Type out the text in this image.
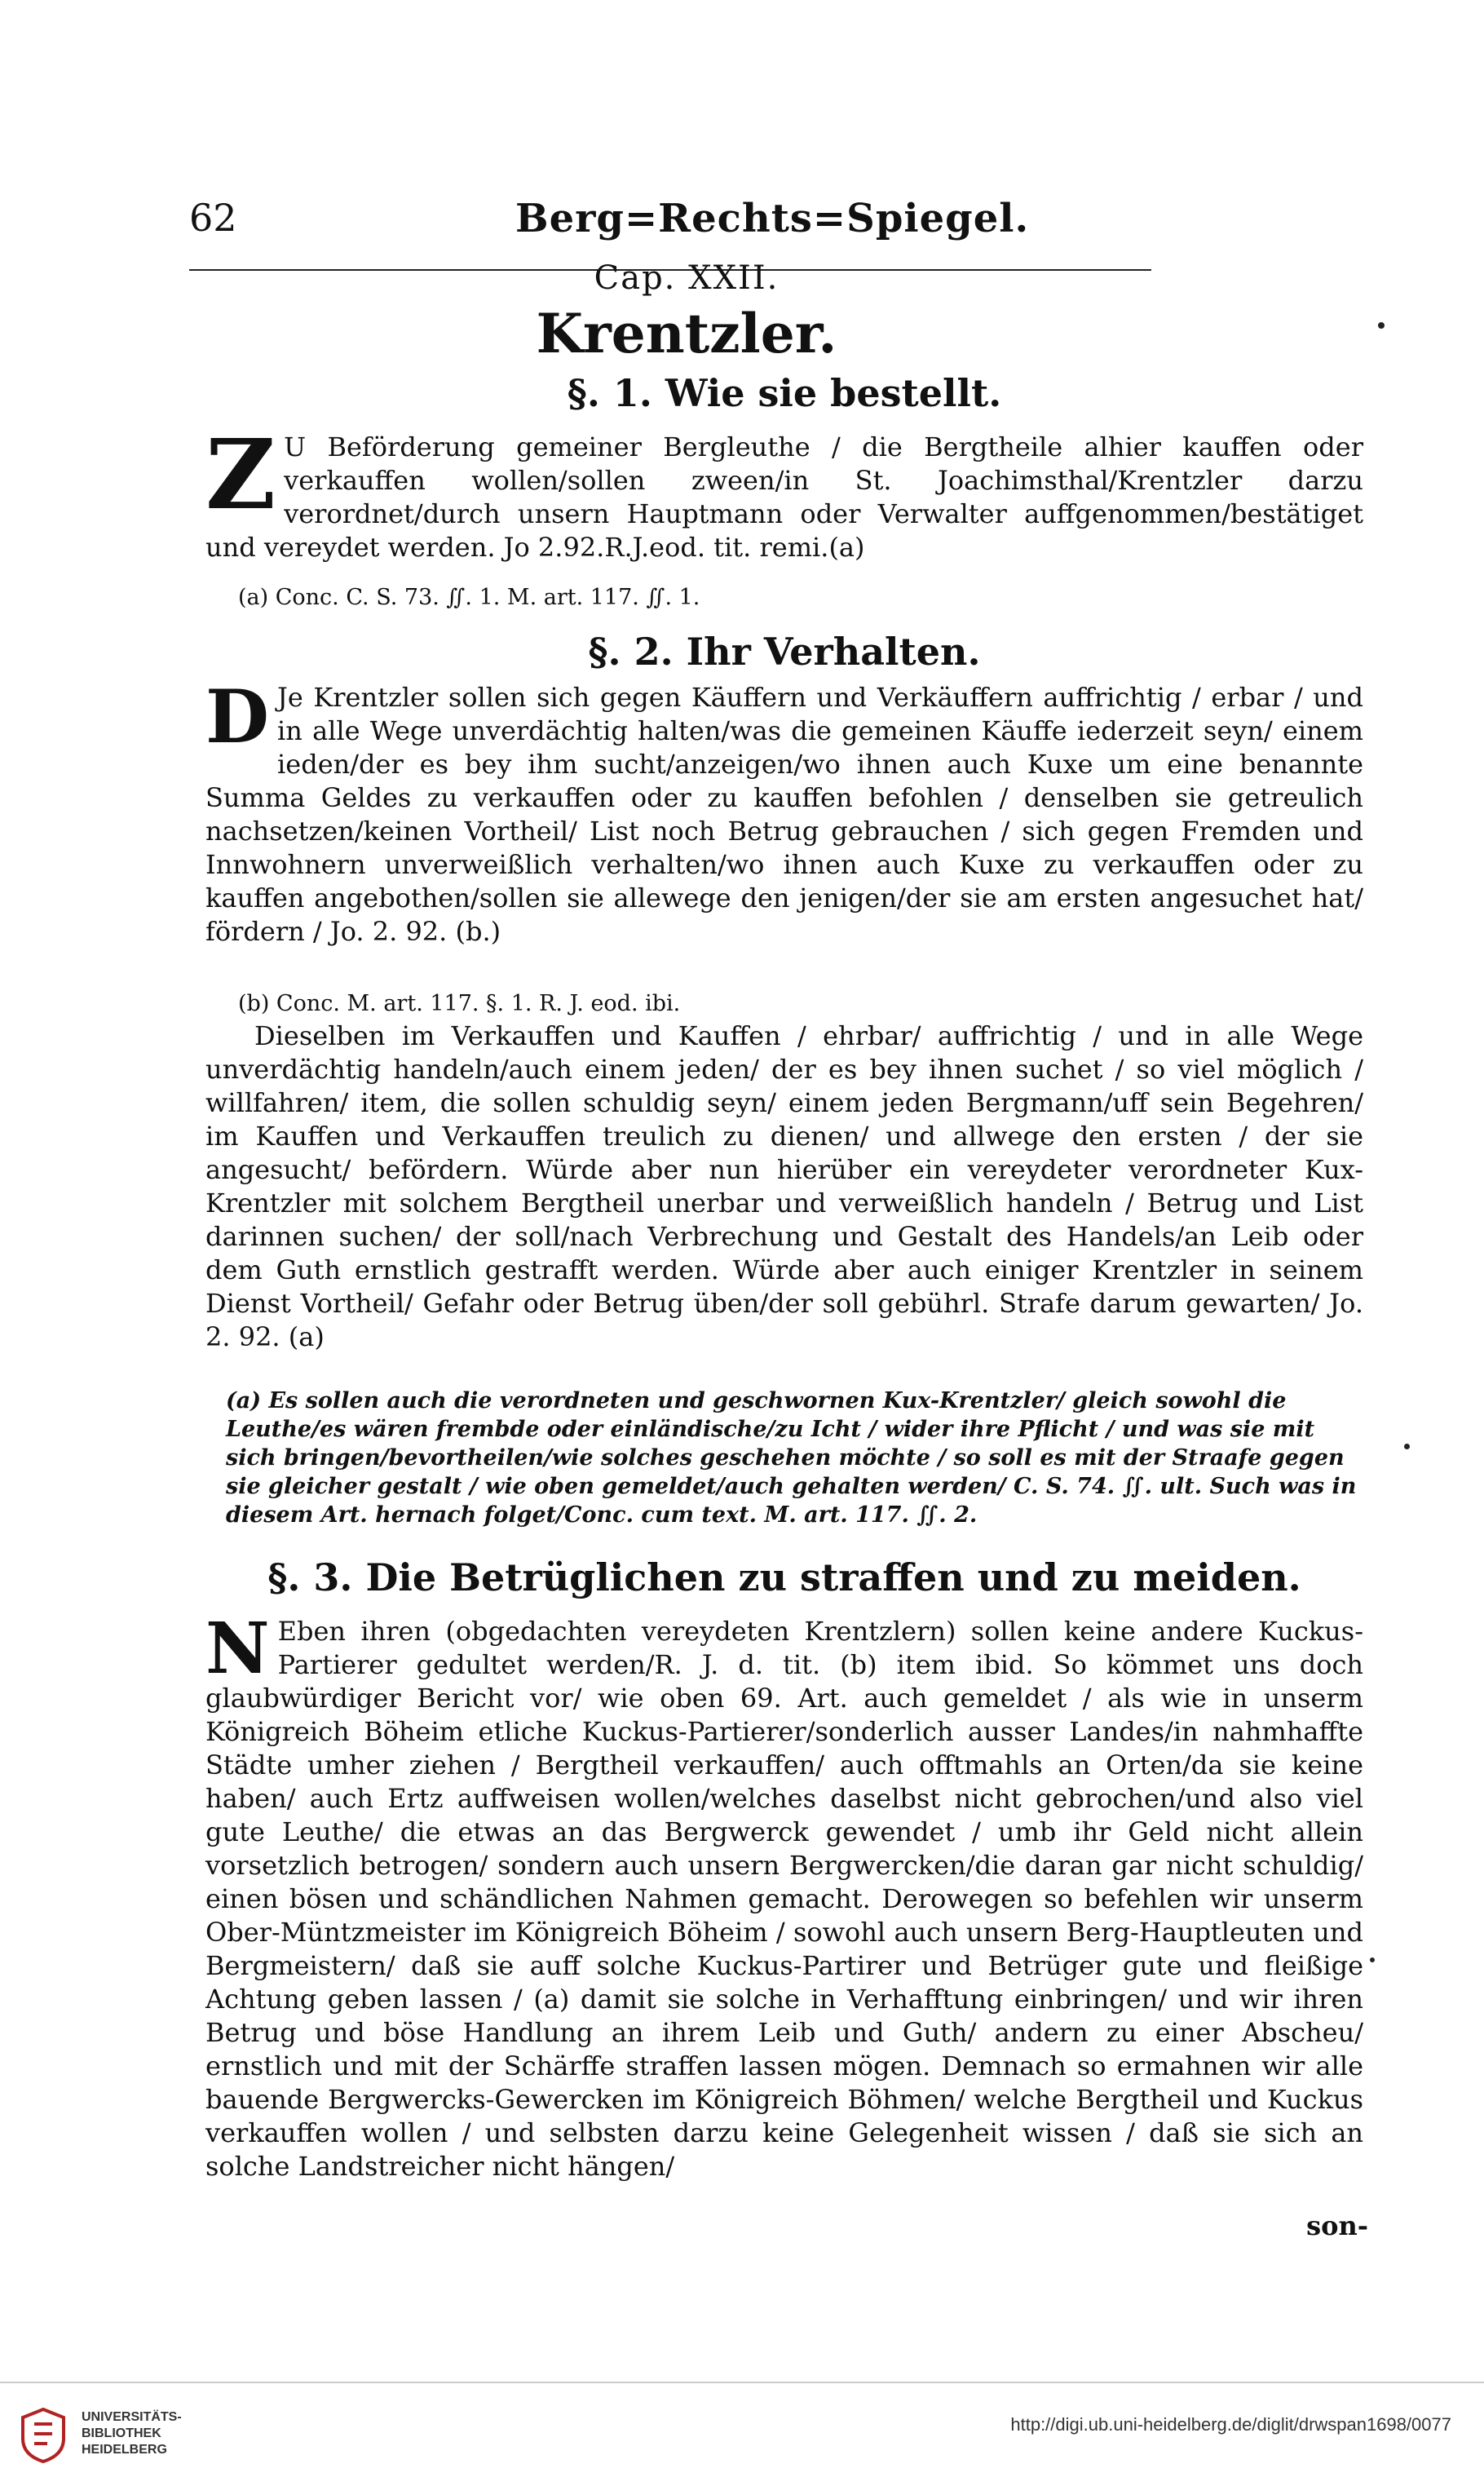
62	Berg=Rechts=Spiegel.
Cap. XXII.
Krentzler.
§. 1. Wie sie bestellt.
Z U Beförderung gemeiner Bergleuthe / die Bergtheile alhier kauffen oder verkauffen wollen/sollen zween/in St. Joachimsthal/Krentzler darzu verordnet/durch unsern Hauptmann oder Verwalter auffgenommen/bestätiget und vereydet werden. Jo 2.92.R.J.eod. tit. remi.(a)
(a) Conc. C. S. 73. ∬. 1. M. art. 117. ∬. 1.
§. 2. Ihr Verhalten.
D Je Krentzler sollen sich gegen Käuffern und Verkäuffern auffrichtig / erbar / und in alle Wege unverdächtig halten/was die gemeinen Käuffe iederzeit seyn/ einem ieden/der es bey ihm sucht/anzeigen/wo ihnen auch Kuxe um eine benannte Summa Geldes zu verkauffen oder zu kauffen befohlen / denselben sie getreulich nachsetzen/keinen Vortheil/ List noch Betrug gebrauchen / sich gegen Fremden und Innwohnern unverweißlich verhalten/wo ihnen auch Kuxe zu verkauffen oder zu kauffen angebothen/sollen sie allewege den jenigen/der sie am ersten angesuchet hat/ fördern / Jo. 2. 92. (b.)
(b) Conc. M. art. 117. §. 1. R. J. eod. ibi.
Dieselben im Verkauffen und Kauffen / ehrbar/ auffrichtig / und in alle Wege unverdächtig handeln/auch einem jeden/ der es bey ihnen suchet / so viel möglich / willfahren/ item, die sollen schuldig seyn/ einem jeden Bergmann/uff sein Begehren/ im Kauffen und Verkauffen treulich zu dienen/ und allwege den ersten / der sie angesucht/ befördern. Würde aber nun hierüber ein vereydeter verordneter Kux-Krentzler mit solchem Bergtheil unerbar und verweißlich handeln / Betrug und List darinnen suchen/ der soll/nach Verbrechung und Gestalt des Handels/an Leib oder dem Guth ernstlich gestrafft werden. Würde aber auch einiger Krentzler in seinem Dienst Vortheil/ Gefahr oder Betrug üben/der soll gebührl. Strafe darum gewarten/ Jo. 2. 92. (a)
(a) Es sollen auch die verordneten und geschwornen Kux-Krentzler/ gleich sowohl die Leuthe/es wären frembde oder einländische/zu Icht / wider ihre Pflicht / und was sie mit sich bringen/bevortheilen/wie solches geschehen möchte / so soll es mit der Straafe gegen sie gleicher gestalt / wie oben gemeldet/auch gehalten werden/ C. S. 74. ∬. ult. Such was in diesem Art. hernach folget/Conc. cum text. M. art. 117. ∬. 2.
§. 3. Die Betrüglichen zu straffen und zu meiden.
N Eben ihren (obgedachten vereydeten Krentzlern) sollen keine andere Kuckus-Partierer gedultet werden/R. J. d. tit. (b) item ibid. So kömmet uns doch glaubwürdiger Bericht vor/ wie oben 69. Art. auch gemeldet / als wie in unserm Königreich Böheim etliche Kuckus-Partierer/sonderlich ausser Landes/in nahmhaffte Städte umher ziehen / Bergtheil verkauffen/ auch offtmahls an Orten/da sie keine haben/ auch Ertz auffweisen wollen/welches daselbst nicht gebrochen/und also viel gute Leuthe/ die etwas an das Bergwerck gewendet / umb ihr Geld nicht allein vorsetzlich betrogen/ sondern auch unsern Bergwercken/die daran gar nicht schuldig/ einen bösen und schändlichen Nahmen gemacht. Derowegen so befehlen wir unserm Ober-Müntzmeister im Königreich Böheim / sowohl auch unsern Berg-Hauptleuten und Bergmeistern/ daß sie auff solche Kuckus-Partirer und Betrüger gute und fleißige Achtung geben lassen / (a) damit sie solche in Verhafftung einbringen/ und wir ihren Betrug und böse Handlung an ihrem Leib und Guth/ andern zu einer Abscheu/ ernstlich und mit der Schärffe straffen lassen mögen. Demnach so ermahnen wir alle bauende Bergwercks-Gewercken im Königreich Böhmen/ welche Bergtheil und Kuckus verkauffen wollen / und selbsten darzu keine Gelegenheit wissen / daß sie sich an solche Landstreicher nicht hängen/
son-
UNIVERSITÄTS-
BIBLIOTHEK
HEIDELBERG
http://digi.ub.uni-heidelberg.de/diglit/drwspan1698/0077
